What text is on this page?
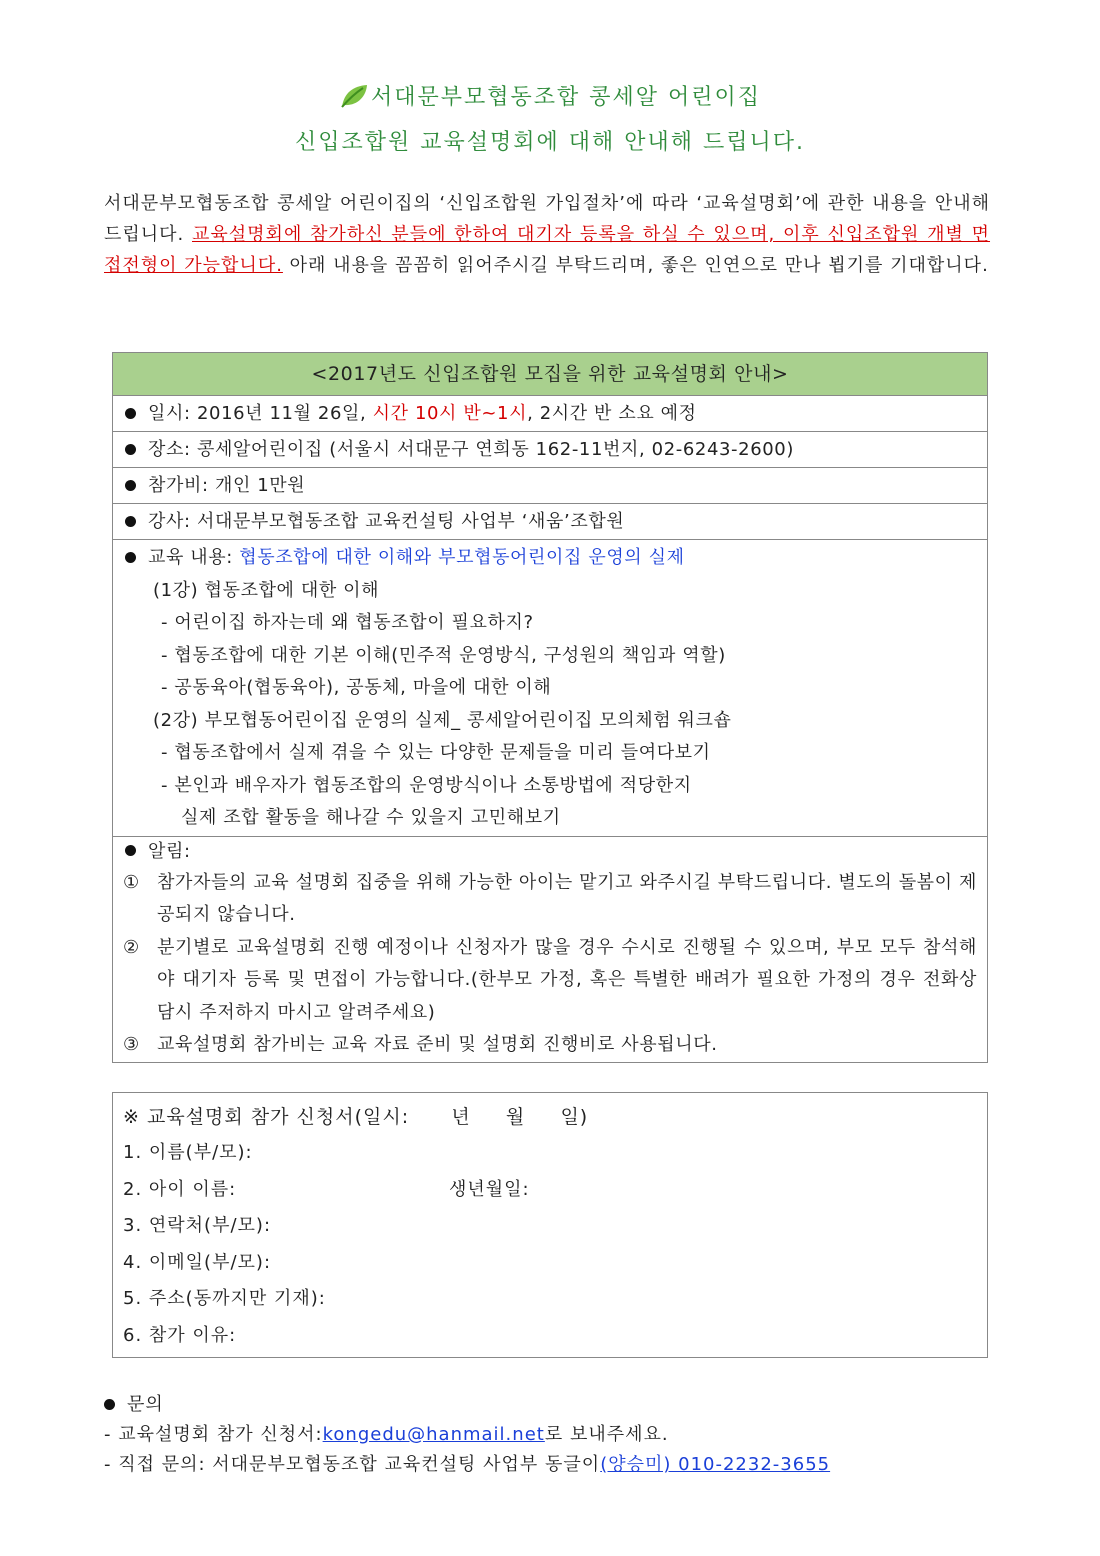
서대문부모협동조합 콩세알 어린이집
신입조합원 교육설명회에 대해 안내해 드립니다.
서대문부모협동조합 콩세알 어린이집의 ‘신입조합원 가입절차’에 따라 ‘교육설명회’에 관한 내용을 안내해 드립니다. 교육설명회에 참가하신 분들에 한하여 대기자 등록을 하실 수 있으며, 이후 신입조합원 개별 면접전형이 가능합니다. 아래 내용을 꼼꼼히 읽어주시길 부탁드리며, 좋은 인연으로 만나 뵙기를 기대합니다.
<2017년도 신입조합원 모집을 위한 교육설명회 안내>
일시: 2016년 11월 26일, 시간 10시 반~1시, 2시간 반 소요 예정
장소: 콩세알어린이집 (서울시 서대문구 연희동 162-11번지, 02-6243-2600)
참가비: 개인 1만원
강사: 서대문부모협동조합 교육컨설팅 사업부 ‘새움’조합원

교육 내용: 협동조합에 대한 이해와 부모협동어린이집 운영의 실제
(1강) 협동조합에 대한 이해
- 어린이집 하자는데 왜 협동조합이 필요하지?
- 협동조합에 대한 기본 이해(민주적 운영방식, 구성원의 책임과 역할)
- 공동육아(협동육아), 공동체, 마을에 대한 이해
(2강) 부모협동어린이집 운영의 실제_ 콩세알어린이집 모의체험 워크숍
- 협동조합에서 실제 겪을 수 있는 다양한 문제들을 미리 들여다보기
- 본인과 배우자가 협동조합의 운영방식이나 소통방법에 적당한지
실제 조합 활동을 해나갈 수 있을지 고민해보기

알림:
① 참가자들의 교육 설명회 집중을 위해 가능한 아이는 맡기고 와주시길 부탁드립니다. 별도의 돌봄이 제공되지 않습니다.
② 분기별로 교육설명회 진행 예정이나 신청자가 많을 경우 수시로 진행될 수 있으며, 부모 모두 참석해야 대기자 등록 및 면접이 가능합니다.(한부모 가정, 혹은 특별한 배려가 필요한 가정의 경우 전화상담시 주저하지 마시고 알려주세요)
③ 교육설명회 참가비는 교육 자료 준비 및 설명회 진행비로 사용됩니다.
※ 교육설명회 참가 신청서(일시:      년     월     일)
1. 이름(부/모):
2. 아이 이름:	생년월일:
3. 연락처(부/모):
4. 이메일(부/모):
5. 주소(동까지만 기재):
6. 참가 이유:
문의
- 교육설명회 참가 신청서:kongedu@hanmail.net로 보내주세요.
- 직접 문의: 서대문부모협동조합 교육컨설팅 사업부 동글이(양승미) 010-2232-3655
